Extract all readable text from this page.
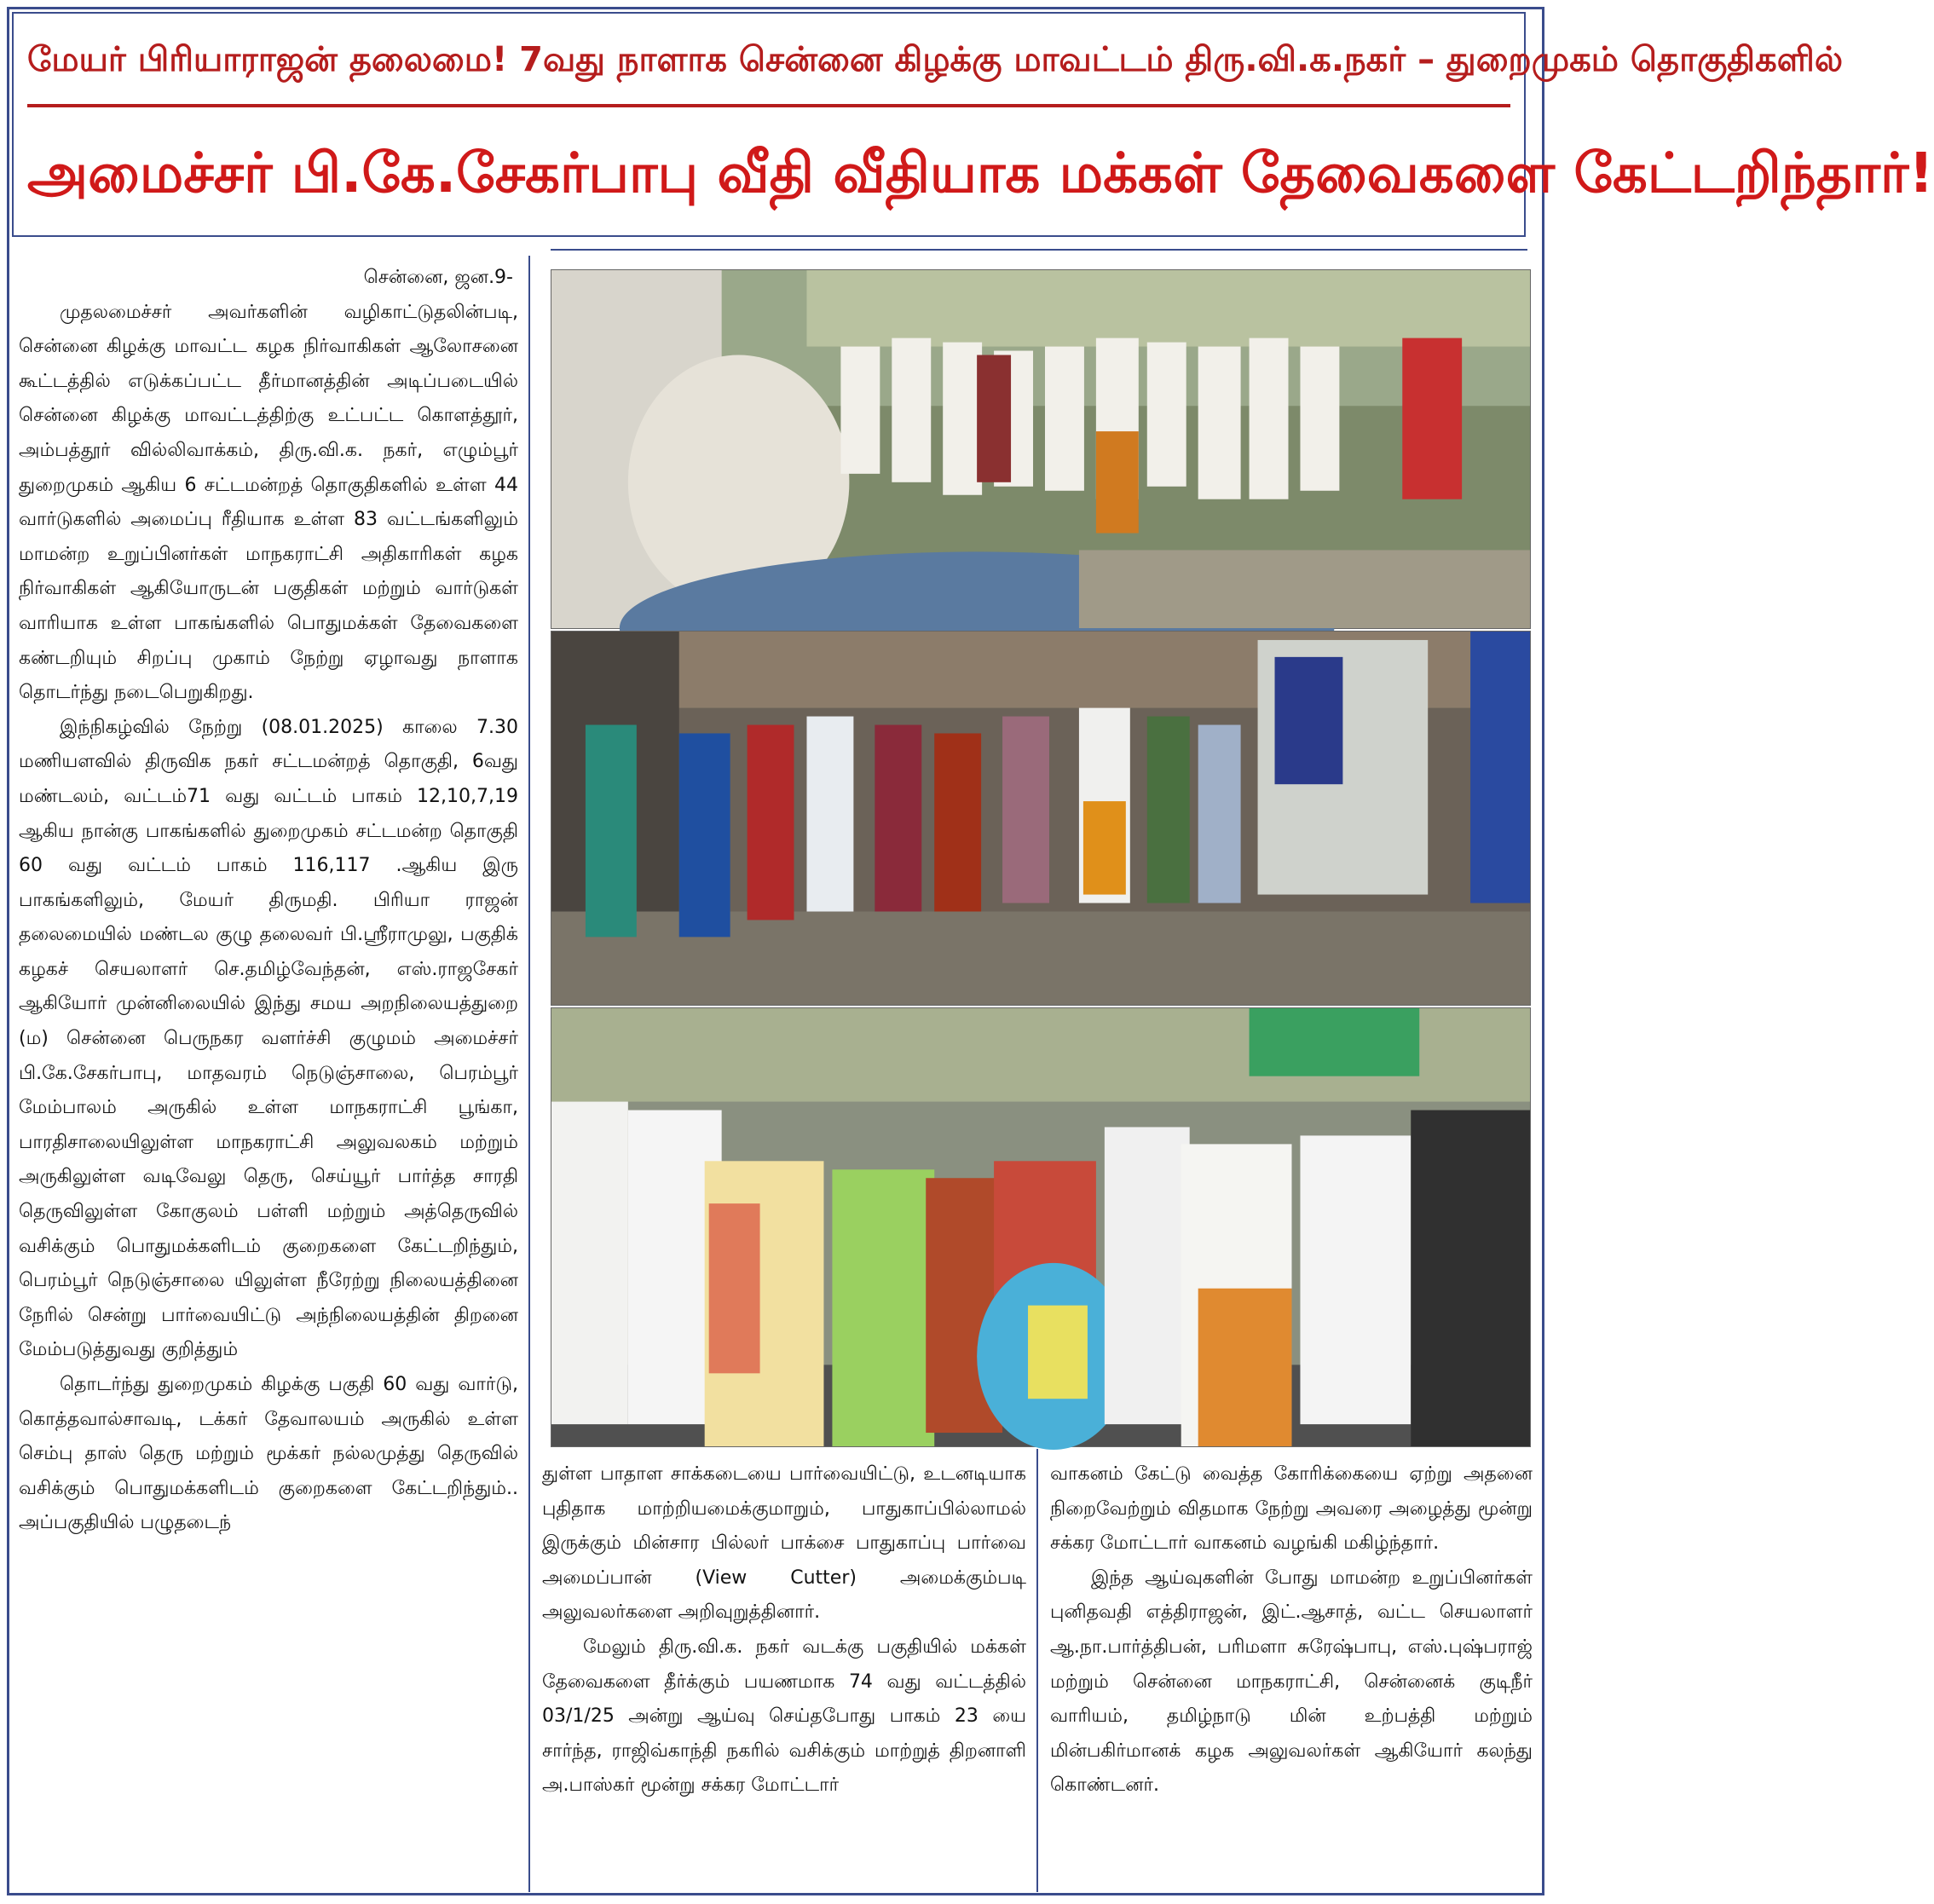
மேயர் பிரியாராஜன் தலைமை! 7வது நாளாக சென்னை கிழக்கு மாவட்டம் திரு.வி.க.நகர் – துறைமுகம் தொகுதிகளில்
அமைச்சர் பி.கே.சேகர்பாபு வீதி வீதியாக மக்கள் தேவைகளை கேட்டறிந்தார்!

சென்னை, ஜன.9-

முதலமைச்சர் அவர்களின் வழிகாட்டுதலின்படி, சென்னை கிழக்கு மாவட்ட கழக நிர்வாகிகள் ஆலோசனை கூட்டத்தில் எடுக்கப்பட்ட தீர்மானத்தின் அடிப்படையில் சென்னை கிழக்கு மாவட்டத்திற்கு உட்பட்ட கொளத்தூர், அம்பத்தூர் வில்லிவாக்கம், திரு.வி.க. நகர், எழும்பூர் துறைமுகம் ஆகிய 6 சட்டமன்றத் தொகுதிகளில் உள்ள 44 வார்டுகளில் அமைப்பு ரீதியாக உள்ள 83 வட்டங்களிலும் மாமன்ற உறுப்பினர்கள் மாநகராட்சி அதிகாரிகள் கழக நிர்வாகிகள் ஆகியோருடன் பகுதிகள் மற்றும் வார்டுகள் வாரியாக உள்ள பாகங்களில் பொதுமக்கள் தேவைகளை கண்டறியும் சிறப்பு முகாம் நேற்று ஏழாவது நாளாக தொடர்ந்து நடைபெறுகிறது.

இந்நிகழ்வில் நேற்று (08.01.2025) காலை 7.30 மணியளவில் திருவிக நகர் சட்டமன்றத் தொகுதி, 6வது மண்டலம், வட்டம்71 வது வட்டம் பாகம் 12,10,7,19 ஆகிய நான்கு பாகங்களில் துறைமுகம் சட்டமன்ற தொகுதி 60 வது வட்டம் பாகம் 116,117 .ஆகிய இரு பாகங்களிலும், மேயர் திருமதி. பிரியா ராஜன் தலைமையில் மண்டல குழு தலைவர் பி.ஸ்ரீராமுலு, பகுதிக் கழகச் செயலாளர் செ.தமிழ்வேந்தன், எஸ்.ராஜசேகர் ஆகியோர் முன்னிலையில் இந்து சமய அறநிலையத்துறை (ம) சென்னை பெருநகர வளர்ச்சி குழுமம் அமைச்சர் பி.கே.சேகர்பாபு, மாதவரம் நெடுஞ்சாலை, பெரம்பூர் மேம்பாலம் அருகில் உள்ள மாநகராட்சி பூங்கா, பாரதிசாலையிலுள்ள மாநகராட்சி அலுவலகம் மற்றும் அருகிலுள்ள வடிவேலு தெரு, செய்யூர் பார்த்த சாரதி தெருவிலுள்ள கோகுலம் பள்ளி மற்றும் அத்தெருவில் வசிக்கும் பொதுமக்களிடம் குறைகளை கேட்டறிந்தும், பெரம்பூர் நெடுஞ்சாலை யிலுள்ள நீரேற்று நிலையத்தினை நேரில் சென்று பார்வையிட்டு அந்நிலையத்தின் திறனை மேம்படுத்துவது குறித்தும்

தொடர்ந்து துறைமுகம் கிழக்கு பகுதி 60 வது வார்டு, கொத்தவால்சாவடி, டக்கர் தேவாலயம் அருகில் உள்ள செம்பு தாஸ் தெரு மற்றும் மூக்கர் நல்லமுத்து தெருவில் வசிக்கும் பொதுமக்களிடம் குறைகளை கேட்டறிந்தும்.. அப்பகுதியில் பழுதடைந்

துள்ள பாதாள சாக்கடையை பார்வையிட்டு, உடனடியாக புதிதாக மாற்றியமைக்குமாறும், பாதுகாப்பில்லாமல் இருக்கும் மின்சார பில்லர் பாக்சை பாதுகாப்பு பார்வை அமைப்பான் (View Cutter) அமைக்கும்படி அலுவலர்களை அறிவுறுத்தினார்.

மேலும் திரு.வி.க. நகர் வடக்கு பகுதியில் மக்கள் தேவைகளை தீர்க்கும் பயணமாக 74 வது வட்டத்தில் 03/1/25 அன்று ஆய்வு செய்தபோது பாகம் 23 யை சார்ந்த, ராஜிவ்காந்தி நகரில் வசிக்கும் மாற்றுத் திறனாளி அ.பாஸ்கர் மூன்று சக்கர மோட்டார்

வாகனம் கேட்டு வைத்த கோரிக்கையை ஏற்று அதனை நிறைவேற்றும் விதமாக நேற்று அவரை அழைத்து மூன்று சக்கர மோட்டார் வாகனம் வழங்கி மகிழ்ந்தார்.

இந்த ஆய்வுகளின் போது மாமன்ற உறுப்பினர்கள் புனிதவதி எத்திராஜன், இட்.ஆசாத், வட்ட செயலாளர் ஆ.நா.பார்த்திபன், பரிமளா சுரேஷ்பாபு, எஸ்.புஷ்பராஜ் மற்றும் சென்னை மாநகராட்சி, சென்னைக் குடிநீர் வாரியம், தமிழ்நாடு மின் உற்பத்தி மற்றும் மின்பகிர்மானக் கழக அலுவலர்கள் ஆகியோர் கலந்து கொண்டனர்.
